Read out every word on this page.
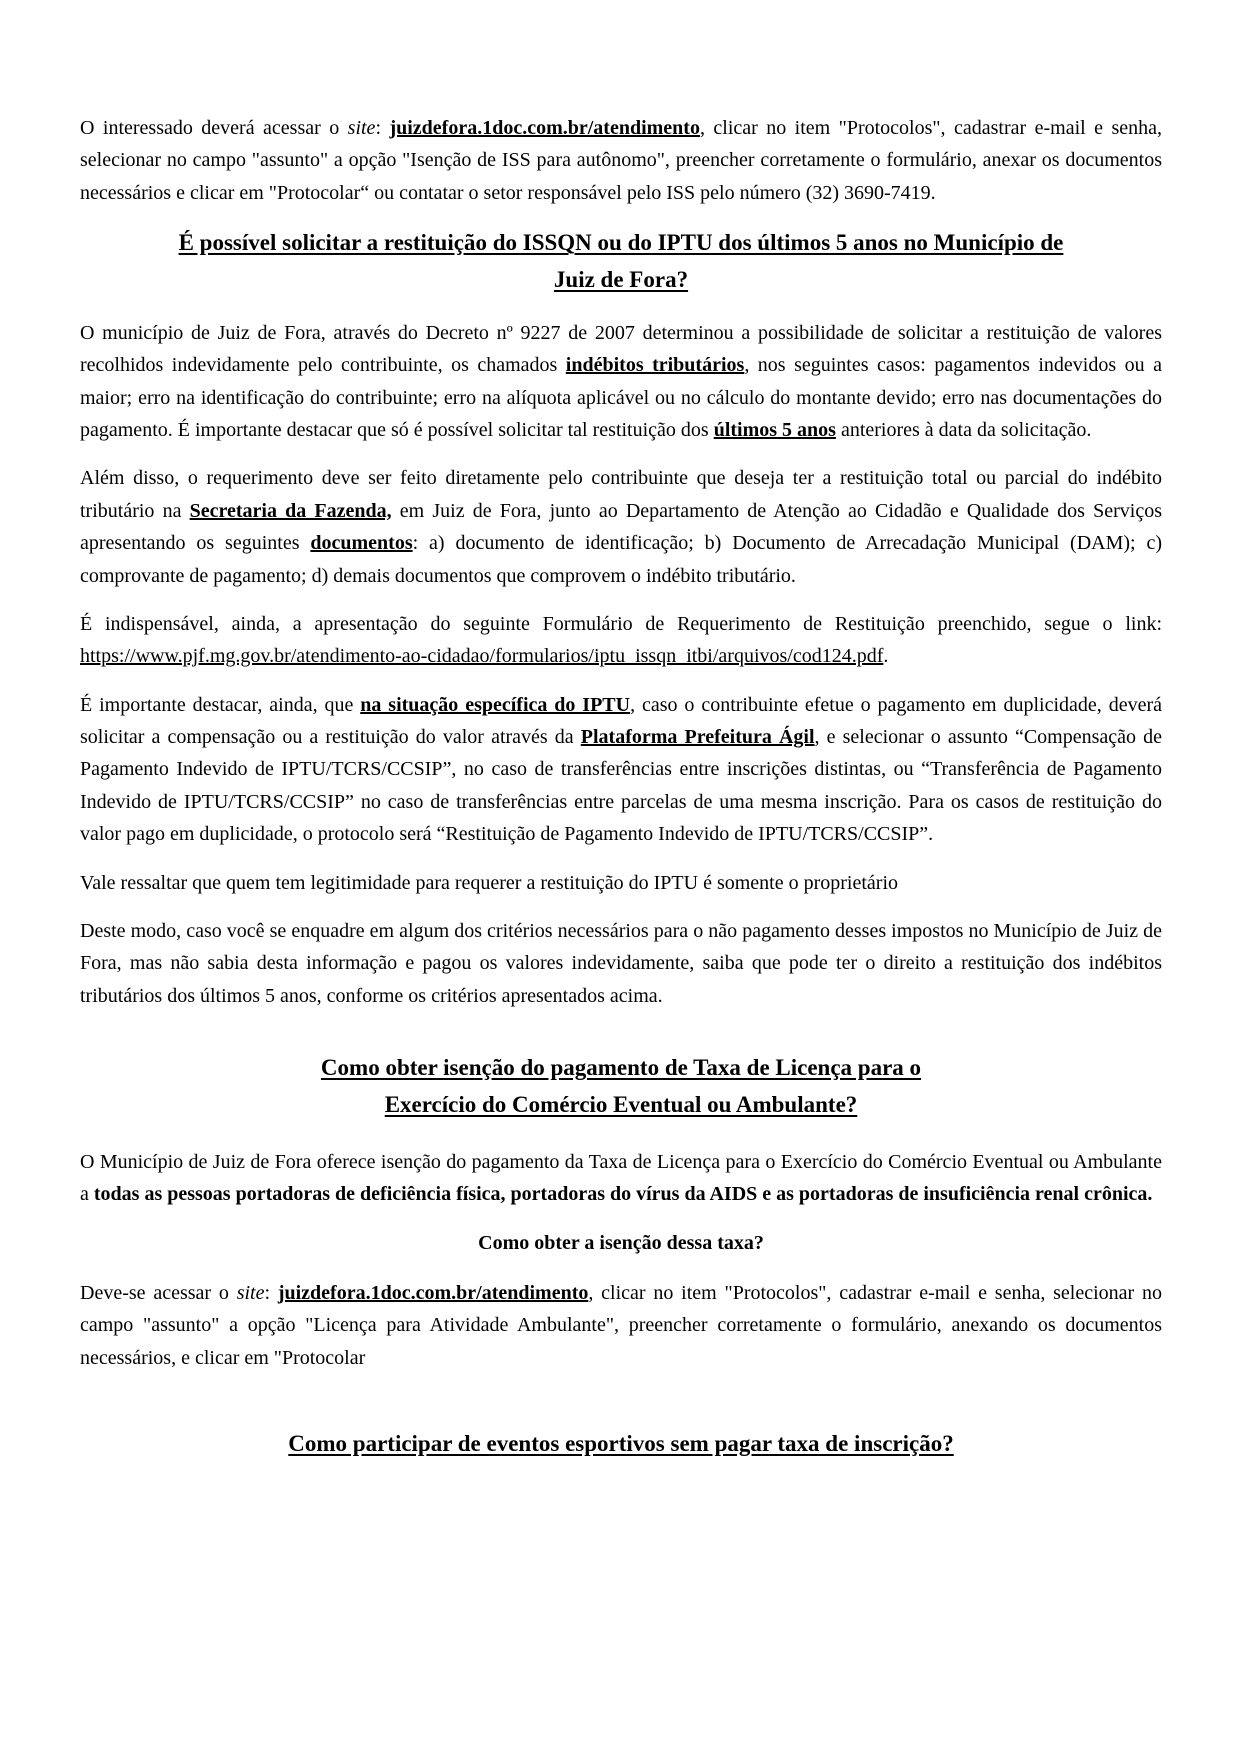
O interessado deverá acessar o site: juizdefora.1doc.com.br/atendimento, clicar no item "Protocolos", cadastrar e-mail e senha, selecionar no campo "assunto" a opção "Isenção de ISS para autônomo", preencher corretamente o formulário, anexar os documentos necessários e clicar em "Protocolar“ ou contatar o setor responsável pelo ISS pelo número (32) 3690-7419.

É possível solicitar a restituição do ISSQN ou do IPTU dos últimos 5 anos no Município de
Juiz de Fora?

O município de Juiz de Fora, através do Decreto nº 9227 de 2007 determinou a possibilidade de solicitar a restituição de valores recolhidos indevidamente pelo contribuinte, os chamados indébitos tributários, nos seguintes casos: pagamentos indevidos ou a maior; erro na identificação do contribuinte; erro na alíquota aplicável ou no cálculo do montante devido; erro nas documentações do pagamento. É importante destacar que só é possível solicitar tal restituição dos últimos 5 anos anteriores à data da solicitação.

Além disso, o requerimento deve ser feito diretamente pelo contribuinte que deseja ter a restituição total ou parcial do indébito tributário na Secretaria da Fazenda, em Juiz de Fora, junto ao Departamento de Atenção ao Cidadão e Qualidade dos Serviços apresentando os seguintes documentos: a) documento de identificação; b) Documento de Arrecadação Municipal (DAM); c) comprovante de pagamento; d) demais documentos que comprovem o indébito tributário.

É indispensável, ainda, a apresentação do seguinte Formulário de Requerimento de Restituição preenchido, segue o link: https://www.pjf.mg.gov.br/atendimento-ao-cidadao/formularios/iptu_issqn_itbi/arquivos/cod124.pdf.

É importante destacar, ainda, que na situação específica do IPTU, caso o contribuinte efetue o pagamento em duplicidade, deverá solicitar a compensação ou a restituição do valor através da Plataforma Prefeitura Ágil, e selecionar o assunto “Compensação de Pagamento Indevido de IPTU/TCRS/CCSIP”, no caso de transferências entre inscrições distintas, ou “Transferência de Pagamento Indevido de IPTU/TCRS/CCSIP” no caso de transferências entre parcelas de uma mesma inscrição. Para os casos de restituição do valor pago em duplicidade, o protocolo será “Restituição de Pagamento Indevido de IPTU/TCRS/CCSIP”.

Vale ressaltar que quem tem legitimidade para requerer a restituição do IPTU é somente o proprietário

Deste modo, caso você se enquadre em algum dos critérios necessários para o não pagamento desses impostos no Município de Juiz de Fora, mas não sabia desta informação e pagou os valores indevidamente, saiba que pode ter o direito a restituição dos indébitos tributários dos últimos 5 anos, conforme os critérios apresentados acima.

Como obter isenção do pagamento de Taxa de Licença para o
Exercício do Comércio Eventual ou Ambulante?

O Município de Juiz de Fora oferece isenção do pagamento da Taxa de Licença para o Exercício do Comércio Eventual ou Ambulante a todas as pessoas portadoras de deficiência física, portadoras do vírus da AIDS e as portadoras de insuficiência renal crônica.

Como obter a isenção dessa taxa?

Deve-se acessar o site: juizdefora.1doc.com.br/atendimento, clicar no item "Protocolos", cadastrar e-mail e senha, selecionar no campo "assunto" a opção "Licença para Atividade Ambulante", preencher corretamente o formulário, anexando os documentos necessários, e clicar em "Protocolar

Como participar de eventos esportivos sem pagar taxa de inscrição?
